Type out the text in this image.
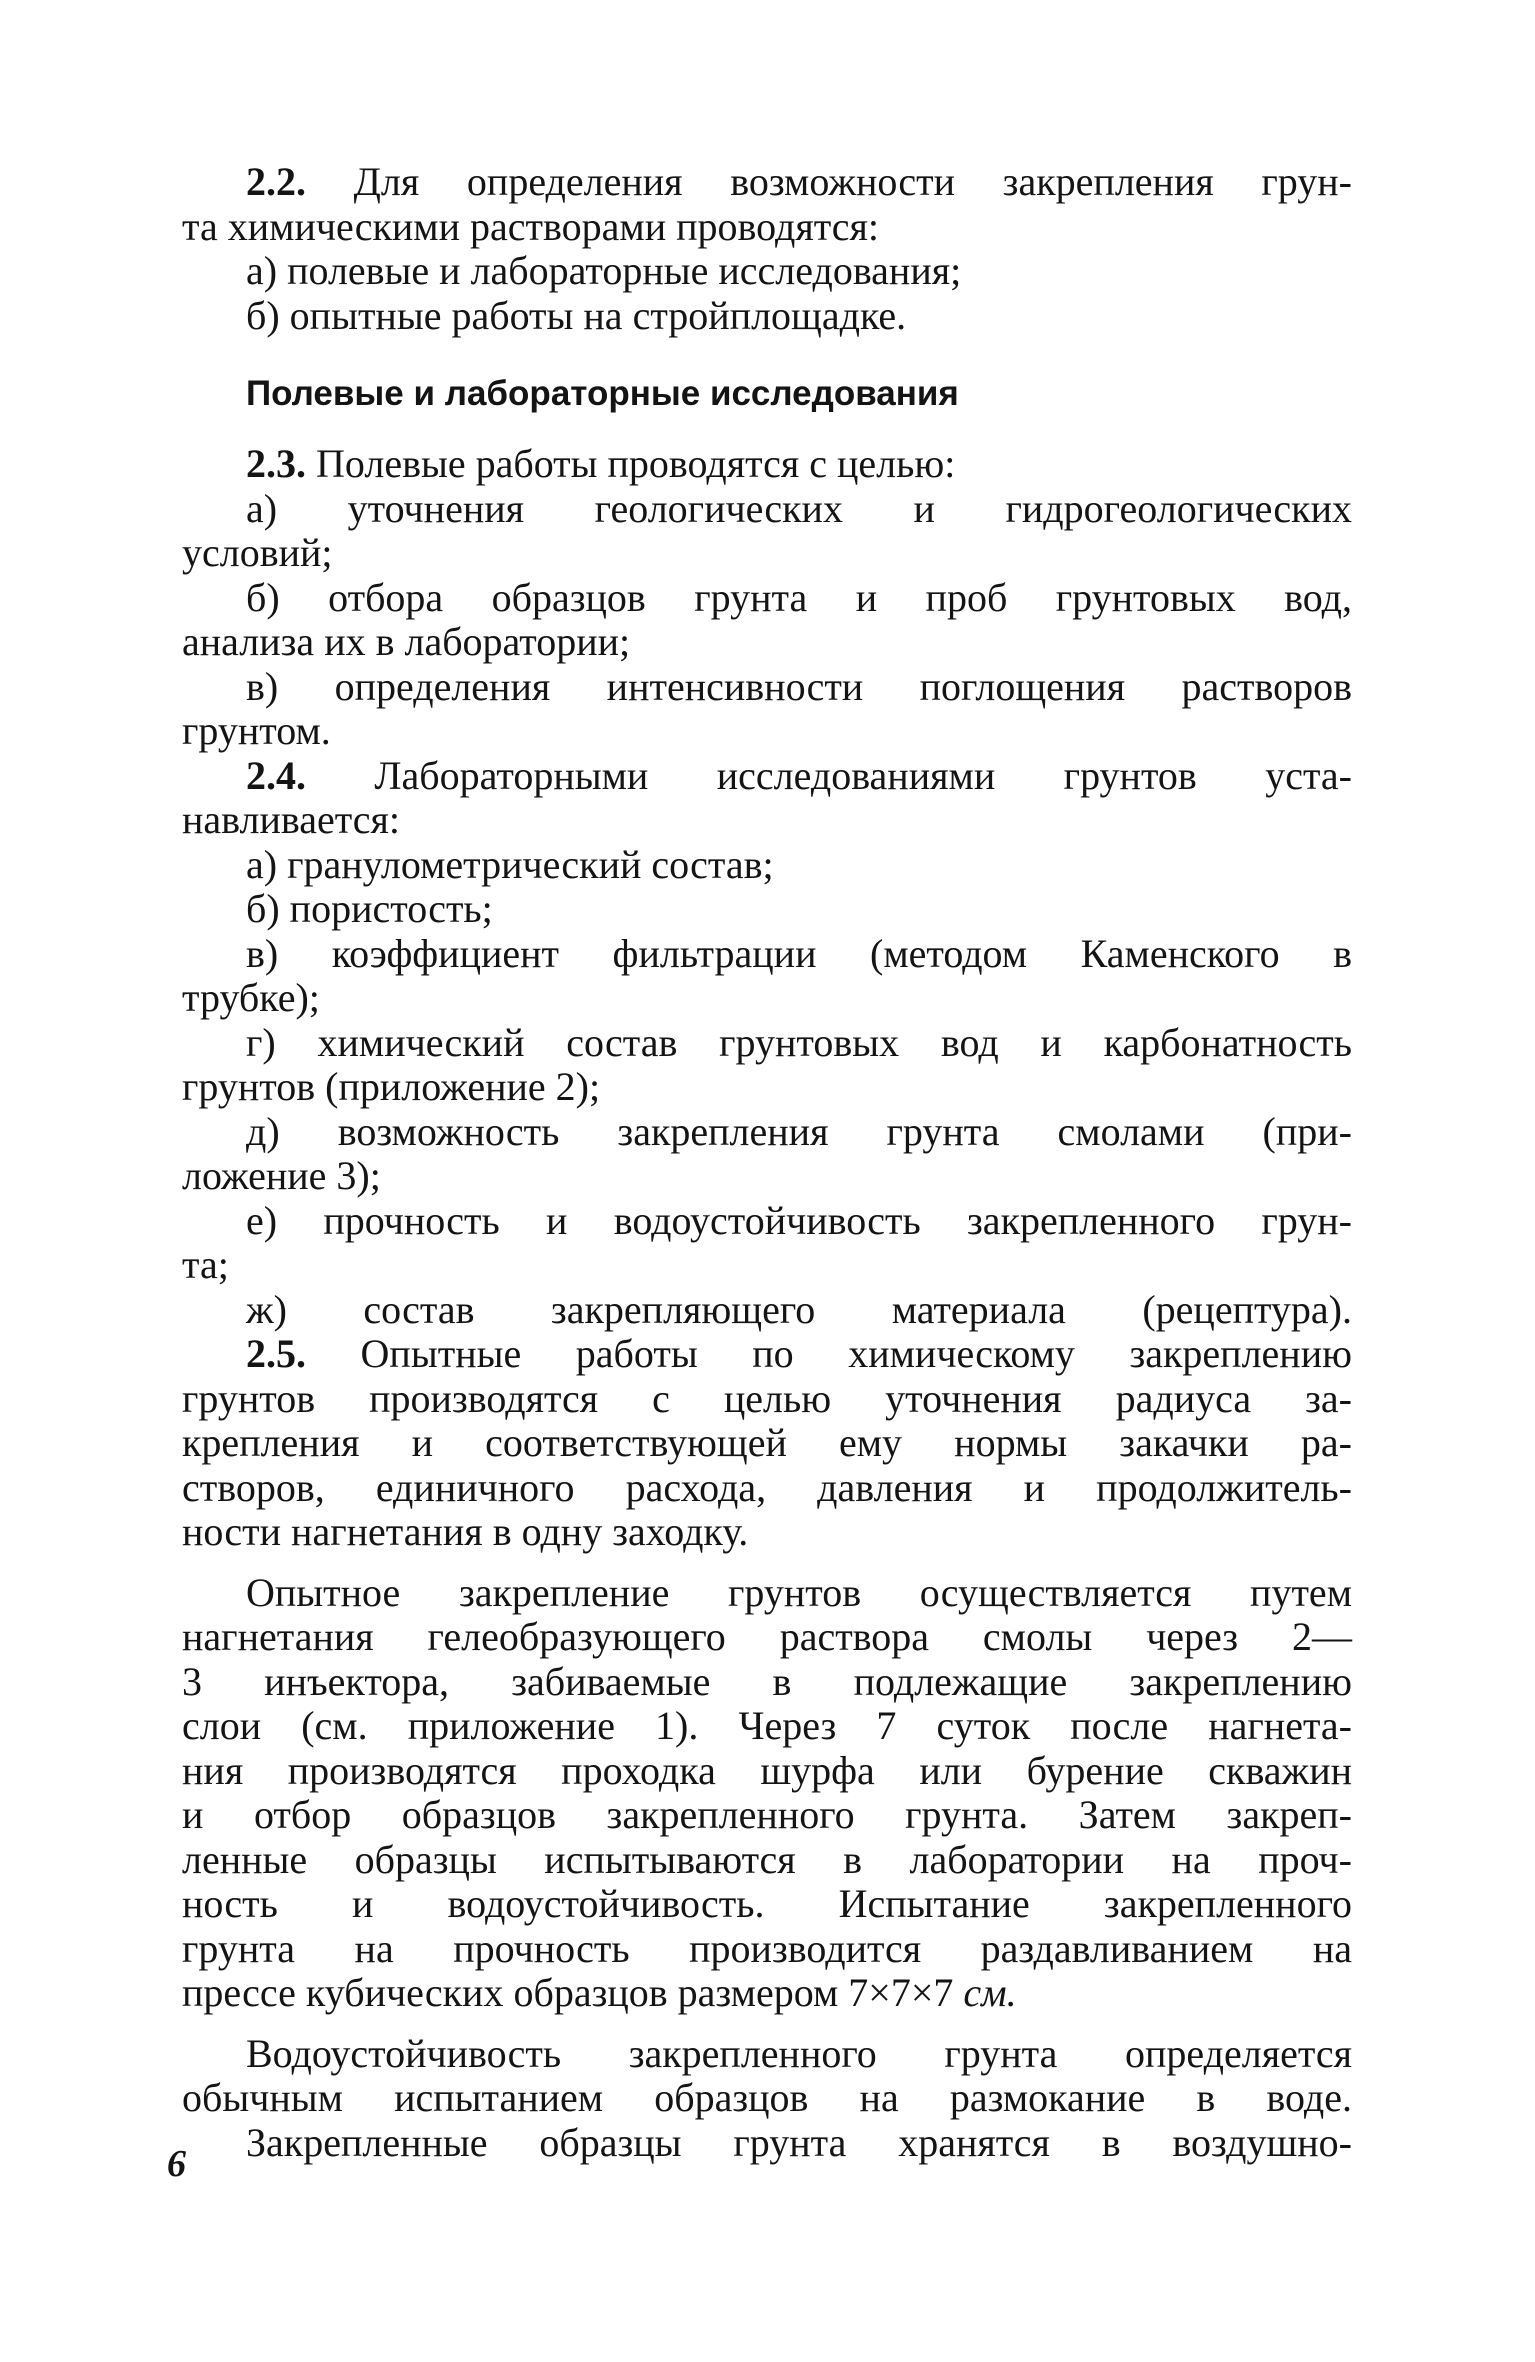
2.2. Для определения возможности закрепления грун-
та химическими растворами проводятся:
а) полевые и лабораторные исследования;
б) опытные работы на стройплощадке.
Полевые и лабораторные исследования
2.3. Полевые работы проводятся с целью:
а) уточнения геологических и гидрогеологических
условий;
б) отбора образцов грунта и проб грунтовых вод,
анализа их в лаборатории;
в) определения интенсивности поглощения растворов
грунтом.
2.4. Лабораторными исследованиями грунтов уста-
навливается:
а) гранулометрический состав;
б) пористость;
в) коэффициент фильтрации (методом Каменского в
трубке);
г) химический состав грунтовых вод и карбонатность
грунтов (приложение 2);
д) возможность закрепления грунта смолами (при-
ложение 3);
е) прочность и водоустойчивость закрепленного грун-
та;
ж) состав закрепляющего материала (рецептура).
2.5. Опытные работы по химическому закреплению
грунтов производятся с целью уточнения радиуса за-
крепления и соответствующей ему нормы закачки ра-
створов, единичного расхода, давления и продолжитель-
ности нагнетания в одну заходку.
Опытное закрепление грунтов осуществляется путем
нагнетания гелеобразующего раствора смолы через 2—
3 инъектора, забиваемые в подлежащие закреплению
слои (см. приложение 1). Через 7 суток после нагнета-
ния производятся проходка шурфа или бурение скважин
и отбор образцов закрепленного грунта. Затем закреп-
ленные образцы испытываются в лаборатории на проч-
ность и водоустойчивость. Испытание закрепленного
грунта на прочность производится раздавливанием на
прессе кубических образцов размером 7×7×7 см.
Водоустойчивость закрепленного грунта определяется
обычным испытанием образцов на размокание в воде.
Закрепленные образцы грунта хранятся в воздушно-
6
